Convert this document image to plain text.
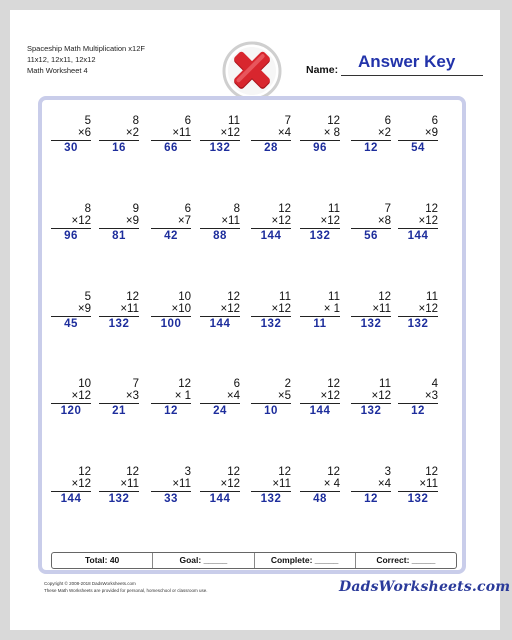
Spaceship Math Multiplication x12F
11x12, 12x11, 12x12
Math Worksheet 4	Name: Answer Key
5
×6
30
8
×2
16
6
×11
66
11
×12
132
7
×4
28
12
× 8
96
6
×2
12
6
×9
54
8
×12
96
9
×9
81
6
×7
42
8
×11
88
12
×12
144
11
×12
132
7
×8
56
12
×12
144
5
×9
45
12
×11
132
10
×10
100
12
×12
144
11
×12
132
11
× 1
11
12
×11
132
11
×12
132
10
×12
120
7
×3
21
12
× 1
12
6
×4
24
2
×5
10
12
×12
144
11
×12
132
4
×3
12
12
×12
144
12
×11
132
3
×11
33
12
×12
144
12
×11
132
12
× 4
48
3
×4
12
12
×11
132
Total: 40	Goal: _____	Complete: _____	Correct: _____
Copyright © 2008-2018 DadsWorksheets.com
These Math Worksheets are provided for personal, homeschool or classroom use.	DadsWorksheets.com
